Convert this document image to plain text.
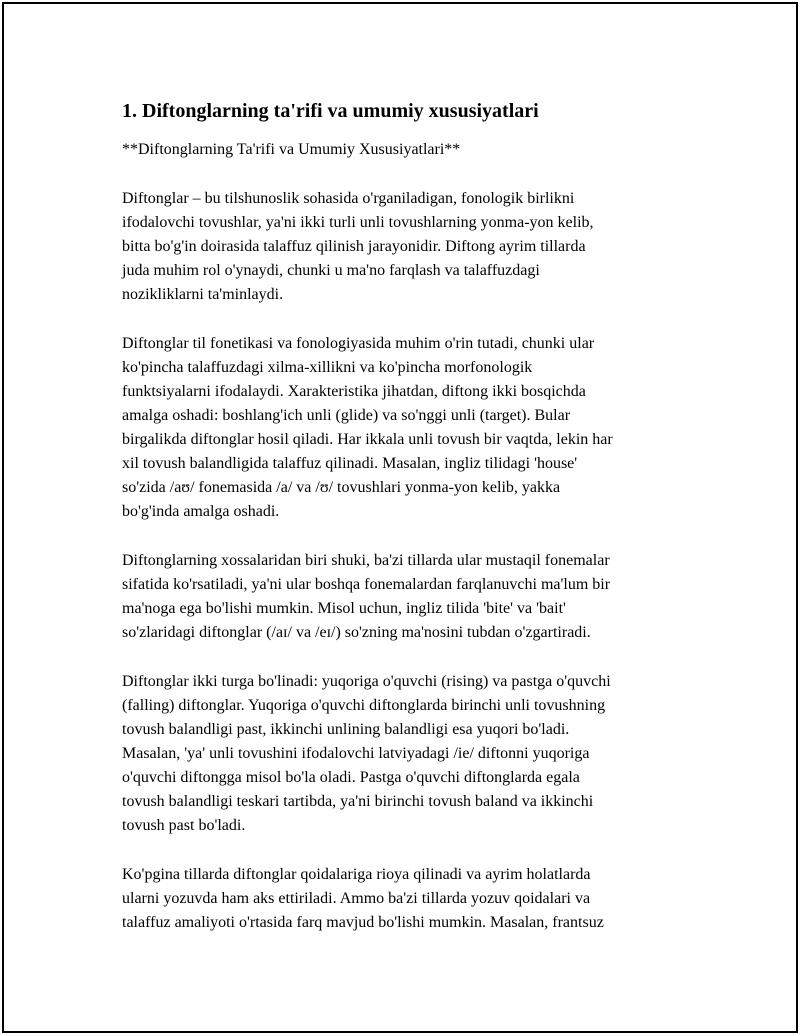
1. Diftonglarning ta'rifi va umumiy xususiyatlari

**Diftonglarning Ta'rifi va Umumiy Xususiyatlari**

Diftonglar – bu tilshunoslik sohasida o'rganiladigan, fonologik birlikni
ifodalovchi tovushlar, ya'ni ikki turli unli tovushlarning yonma-yon kelib,
bitta bo'g'in doirasida talaffuz qilinish jarayonidir. Diftong ayrim tillarda
juda muhim rol o'ynaydi, chunki u ma'no farqlash va talaffuzdagi
nozikliklarni ta'minlaydi.

Diftonglar til fonetikasi va fonologiyasida muhim o'rin tutadi, chunki ular
ko'pincha talaffuzdagi xilma-xillikni va ko'pincha morfonologik
funktsiyalarni ifodalaydi. Xarakteristika jihatdan, diftong ikki bosqichda
amalga oshadi: boshlang'ich unli (glide) va so'nggi unli (target). Bular
birgalikda diftonglar hosil qiladi. Har ikkala unli tovush bir vaqtda, lekin har
xil tovush balandligida talaffuz qilinadi. Masalan, ingliz tilidagi 'house'
so'zida /aʊ/ fonemasida /a/ va /ʊ/ tovushlari yonma-yon kelib, yakka
bo'g'inda amalga oshadi.

Diftonglarning xossalaridan biri shuki, ba'zi tillarda ular mustaqil fonemalar
sifatida ko'rsatiladi, ya'ni ular boshqa fonemalardan farqlanuvchi ma'lum bir
ma'noga ega bo'lishi mumkin. Misol uchun, ingliz tilida 'bite' va 'bait'
so'zlaridagi diftonglar (/aɪ/ va /eɪ/) so'zning ma'nosini tubdan o'zgartiradi.

Diftonglar ikki turga bo'linadi: yuqoriga o'quvchi (rising) va pastga o'quvchi
(falling) diftonglar. Yuqoriga o'quvchi diftonglarda birinchi unli tovushning
tovush balandligi past, ikkinchi unlining balandligi esa yuqori bo'ladi.
Masalan, 'ya' unli tovushini ifodalovchi latviyadagi /ie/ diftonni yuqoriga
o'quvchi diftongga misol bo'la oladi. Pastga o'quvchi diftonglarda egala
tovush balandligi teskari tartibda, ya'ni birinchi tovush baland va ikkinchi
tovush past bo'ladi.

Ko'pgina tillarda diftonglar qoidalariga rioya qilinadi va ayrim holatlarda
ularni yozuvda ham aks ettiriladi. Ammo ba'zi tillarda yozuv qoidalari va
talaffuz amaliyoti o'rtasida farq mavjud bo'lishi mumkin. Masalan, frantsuz
